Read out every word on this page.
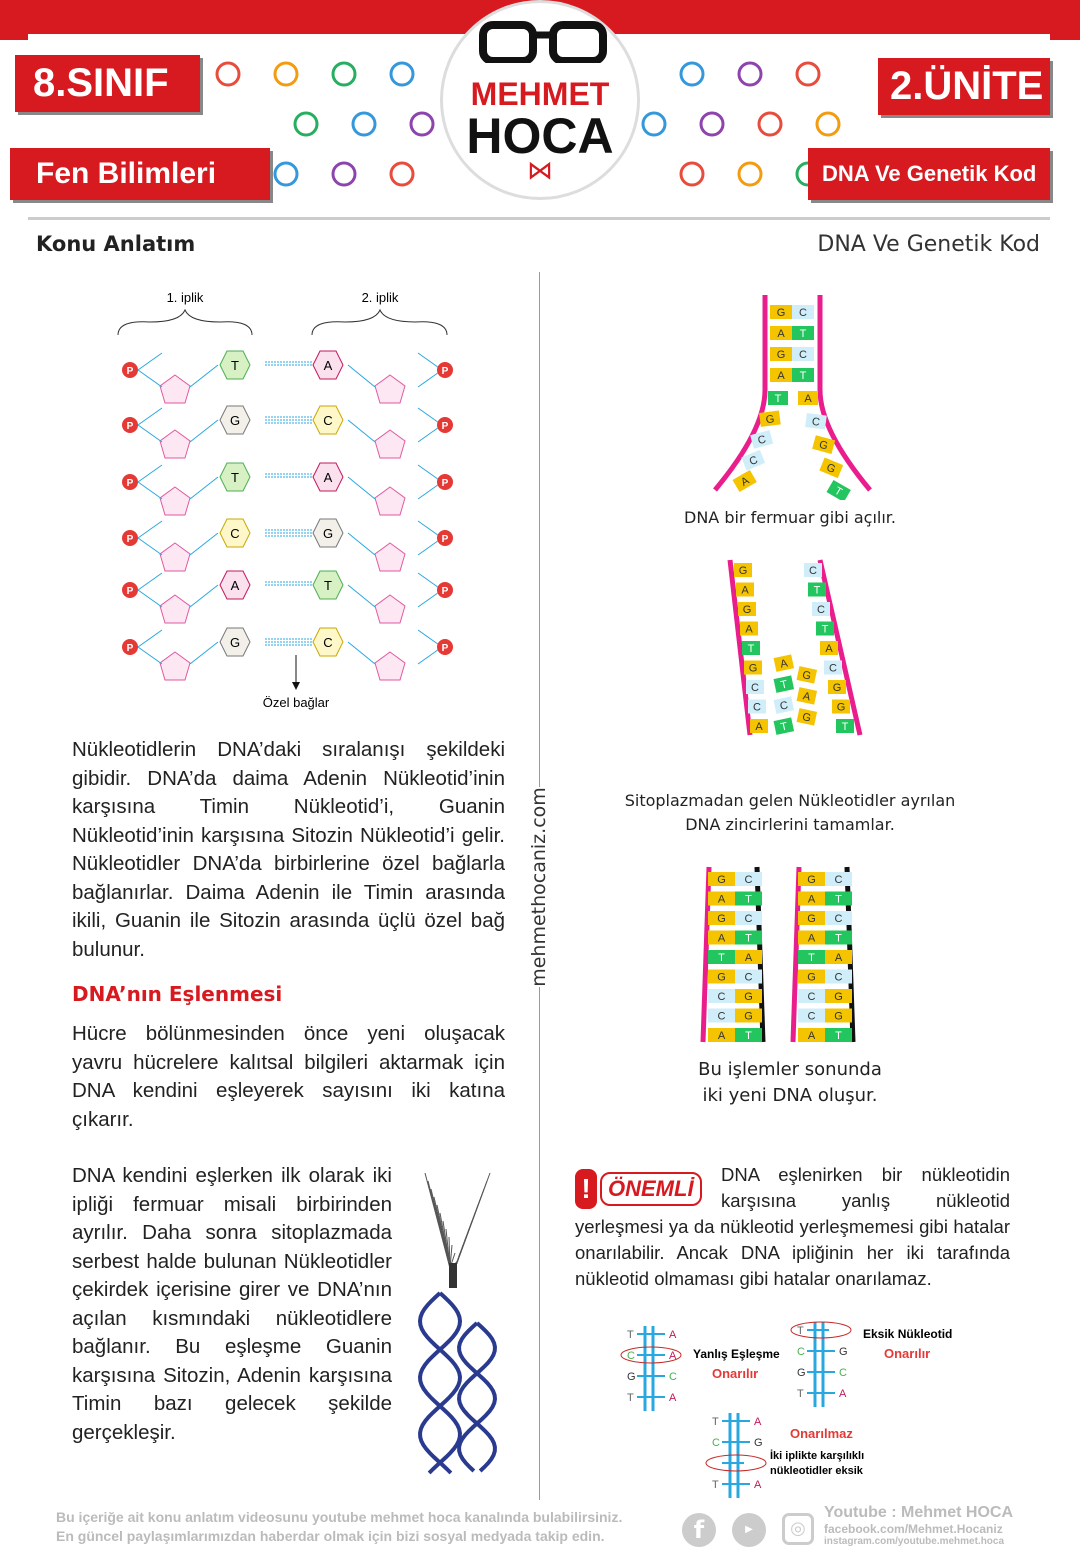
8.SINIF
Fen Bilimleri
2.ÜNİTE
DNA Ve Genetik Kod
MEHMET
HOCA
⋈
Konu Anlatım	DNA Ve Genetik Kod
mehmethocaniz.com
1. iplik	2. iplik
P	P
T	A
P	P
G	C
P	P
T	A
P	P
C	G
P	P
A	T
P	P
G	C
Özel bağlar
Nükleotidlerin DNA’daki sıralanışı şekildeki gibidir. DNA’da daima Adenin Nükleotid’inin karşısına Timin Nükleotid’i, Guanin Nükleotid’inin karşısına Sitozin Nükleotid’i gelir. Nükleotidler DNA’da birbirlerine özel bağlarla bağlanırlar. Daima Adenin ile Timin arasında ikili, Guanin ile Sitozin arasında üçlü özel bağ bulunur.
DNA’nın Eşlenmesi
Hücre bölünmesinden önce yeni oluşacak yavru hücrelere kalıtsal bilgileri aktarmak için DNA kendini eşleyerek sayısını iki katına çıkarır.
DNA kendini eşlerken ilk olarak iki ipliği fermuar misali birbirinden ayrılır. Daha sonra sitoplazmada serbest halde bulunan Nükleotidler çekirdek içerisine girer ve DNA’nın açılan kısmındaki nükleotidlere bağlanır. Bu eşleşme Guanin karşısına Sitozin, Adenin karşısına Timin bazı gelecek şekilde gerçekleşir.
G C
A T
G C
A T
T
G
C
C
A
A
C
G
G
T
DNA bir fermuar gibi açılır.
G
A
G
A
T
G
C
C
A
C
T
C
T
A
C
G
G
T
A
G
T
A
C
G
T
Sitoplazmadan gelen Nükleotidler ayrılan
DNA zincirlerini tamamlar.
G C
A T
G C
A T
T A
G C
C G
C G
A T
G C
A T
G C
A T
T A
G C
C G
C G
A T
Bu işlemler sonunda
iki yeni DNA oluşur.
! ÖNEMLİ
DNA eşlenirken bir nükleotidin karşısına yanlış nükleotid yerleşmesi ya da nükleotid yerleşmemesi gibi hatalar onarılabilir. Ancak DNA ipliğinin her iki tarafında nükleotid olmaması gibi hatalar onarılamaz.
T	A
C	A
G	C
T	A
T
C	G
G	C
T	A
T	A
C	G
T	A
Yanlış Eşleşme
Onarılır
Eksik Nükleotid
Onarılır
Onarılmaz
İki iplikte karşılıklı
nükleotidler eksik
Bu içeriğe ait konu anlatım videosunu youtube mehmet hoca kanalında bulabilirsiniz.
En güncel paylaşımlarımızdan haberdar olmak için bizi sosyal medyada takip edin.	f	▶	◎
Youtube : Mehmet HOCA
facebook.com/Mehmet.Hocaniz
instagram.com/youtube.mehmet.hoca
